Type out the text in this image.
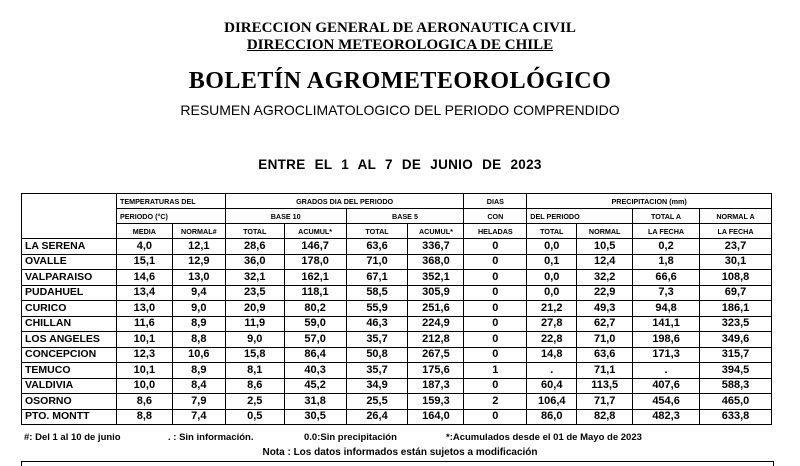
DIRECCION GENERAL DE AERONAUTICA CIVIL
DIRECCION METEOROLOGICA DE CHILE
BOLETÍN AGROMETEOROLÓGICO
RESUMEN AGROCLIMATOLOGICO DEL PERIODO COMPRENDIDO
ENTRE EL 1 AL 7 DE JUNIO DE 2023
	TEMPERATURAS DEL		GRADOS DIA DEL PERIODO				DIAS	PRECIPITACION (mm)			
	PERIODO (°C)		BASE 10		BASE 5		CON	DEL PERIODO		TOTAL A	NORMAL A
	MEDIA	NORMAL#	TOTAL	ACUMUL*	TOTAL	ACUMUL*	HELADAS	TOTAL	NORMAL	LA FECHA	LA FECHA
LA SERENA	4,0	12,1	28,6	146,7	63,6	336,7	0	0,0	10,5	0,2	23,7
OVALLE	15,1	12,9	36,0	178,0	71,0	368,0	0	0,1	12,4	1,8	30,1
VALPARAISO	14,6	13,0	32,1	162,1	67,1	352,1	0	0,0	32,2	66,6	108,8
PUDAHUEL	13,4	9,4	23,5	118,1	58,5	305,9	0	0,0	22,9	7,3	69,7
CURICO	13,0	9,0	20,9	80,2	55,9	251,6	0	21,2	49,3	94,8	186,1
CHILLAN	11,6	8,9	11,9	59,0	46,3	224,9	0	27,8	62,7	141,1	323,5
LOS ANGELES	10,1	8,8	9,0	57,0	35,7	212,8	0	22,8	71,0	198,6	349,6
CONCEPCION	12,3	10,6	15,8	86,4	50,8	267,5	0	14,8	63,6	171,3	315,7
TEMUCO	10,1	8,9	8,1	40,3	35,7	175,6	1	.	71,1	.	394,5
VALDIVIA	10,0	8,4	8,6	45,2	34,9	187,3	0	60,4	113,5	407,6	588,3
OSORNO	8,6	7,9	2,5	31,8	25,5	159,3	2	106,4	71,7	454,6	465,0
PTO. MONTT	8,8	7,4	0,5	30,5	26,4	164,0	0	86,0	82,8	482,3	633,8
#: Del 1 al 10 de junio	. : Sin información.	0.0:Sin precipitación	*:Acumulados desde el 01 de Mayo de 2023
Nota : Los datos informados están sujetos a modificación
